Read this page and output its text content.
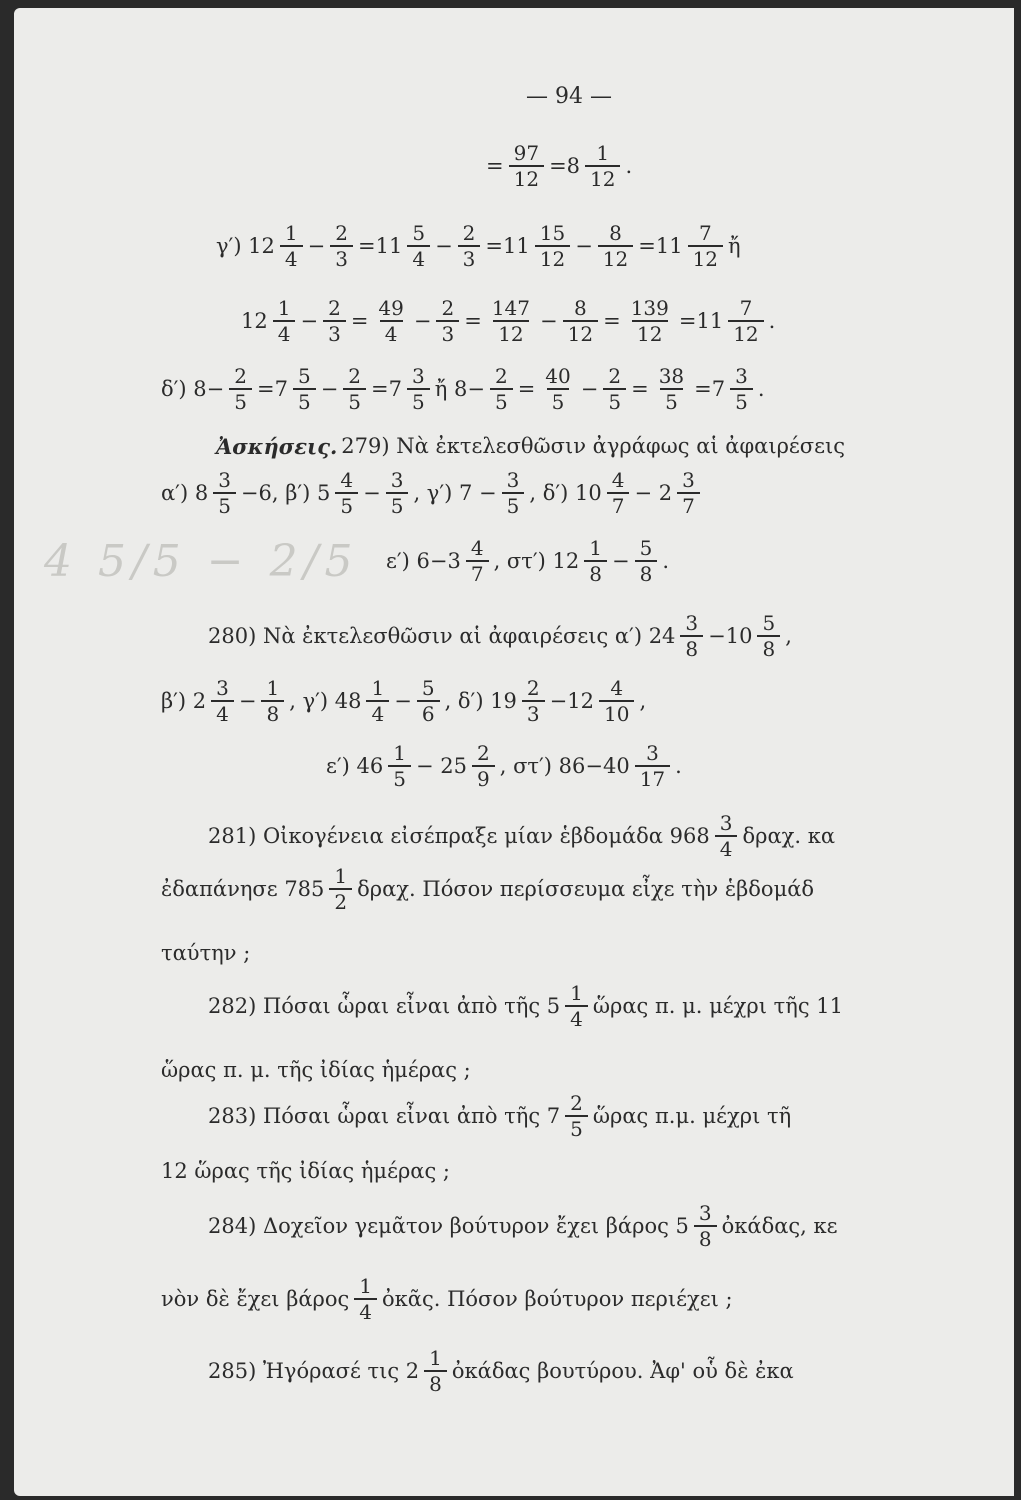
— 94 —
4 5/5 − 2/5
= $\frac{97}{12} =8 \frac{1}{12}$ .
γ′) $12 \frac{1}{4} - \frac{2}{3} =11 \frac{5}{4} - \frac{2}{3} =11 \frac{15}{12} - \frac{8}{12} =11 \frac{7}{12}$ ἤ
$12 \frac{1}{4} - \frac{2}{3} = \frac{49}{4} - \frac{2}{3} = \frac{147}{12} - \frac{8}{12} = \frac{139}{12} =11 \frac{7}{12}$ .
δ′) $8- \frac{2}{5} =7 \frac{5}{5} - \frac{2}{5} =7 \frac{3}{5}$ ἤ $8- \frac{2}{5} = \frac{40}{5} - \frac{2}{5} = \frac{38}{5} =7 \frac{3}{5}$ .
Ἀσκήσεις. 279) Νὰ ἐκτελεσθῶσιν ἀγράφως αἱ ἀφαιρέσεις
α′) $8 \frac{3}{5} -6$, β′) $5 \frac{4}{5} - \frac{3}{5}$ , γ′) $7 - \frac{3}{5}$ , δ′) $10 \frac{4}{7} - 2 \frac{3}{7}$
ε′) $6-3 \frac{4}{7}$ , στ′) $12 \frac{1}{8} - \frac{5}{8}$ .
280) Νὰ ἐκτελεσθῶσιν αἱ ἀφαιρέσεις α′) $24 \frac{3}{8} -10 \frac{5}{8}$ ,
β′) $2 \frac{3}{4} - \frac{1}{8}$ , γ′) $48 \frac{1}{4} - \frac{5}{6}$ , δ′) $19 \frac{2}{3} -12 \frac{4}{10}$ ,
ε′) $46 \frac{1}{5} - 25 \frac{2}{9}$ , στ′) $86-40 \frac{3}{17}$ .
281) Οἰκογένεια εἰσέπραξε μίαν ἑβδομάδα $968 \frac{3}{4} \delta\rho\alpha\chi$. κα
ἐδαπάνησε $785 \frac{1}{2} \delta\rho\alpha\chi$. Πόσον περίσσευμα εἶχε τὴν ἑβδομάδ
ταύτην ;
282) Πόσαι ὧραι εἶναι ἀπὸ τῆς $5 \frac{1}{4}$ ὥρας π. μ. μέχρι τῆς 11
ὥρας π. μ. τῆς ἰδίας ἡμέρας ;
283) Πόσαι ὧραι εἶναι ἀπὸ τῆς $7 \frac{2}{5}$ ὥρας π.μ. μέχρι τῆ
12 ὥρας τῆς ἰδίας ἡμέρας ;
284) Δοχεῖον γεμᾶτον βούτυρον ἔχει βάρος $5 \frac{3}{8}$ ὀκάδας, κε
νὸν δὲ ἔχει βάρος $\frac{1}{4}$ ὀκᾶς. Πόσον βούτυρον περιέχει ;
285) Ἠγόρασέ τις $2 \frac{1}{8}$ ὀκάδας βουτύρου. Ἀφ' οὗ δὲ ἐκα
